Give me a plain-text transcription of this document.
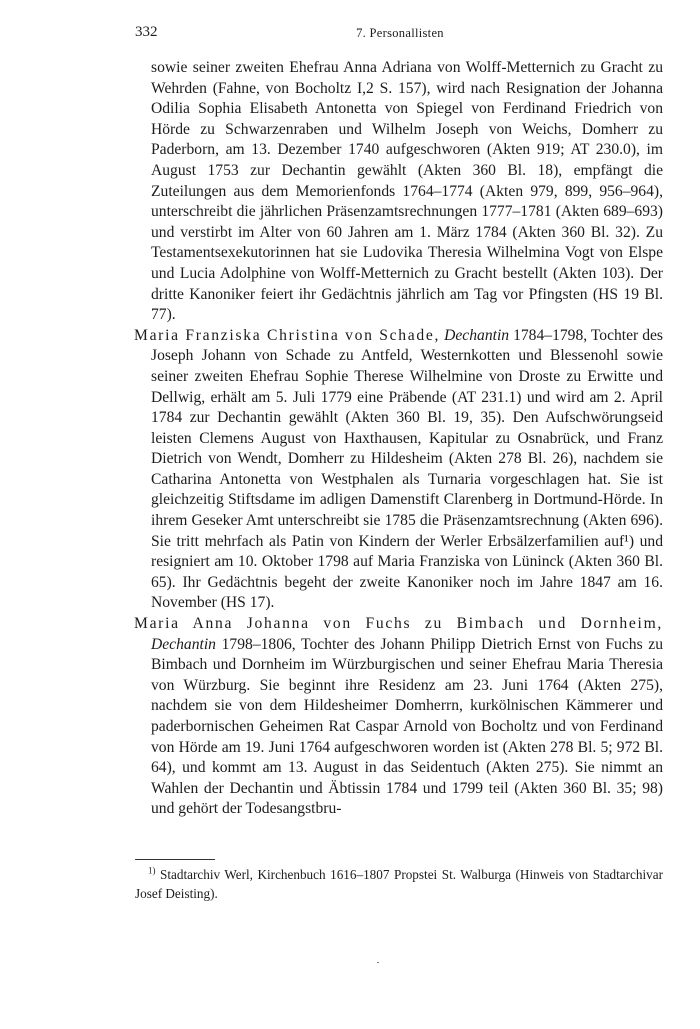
332	7. Personallisten

sowie seiner zweiten Ehefrau Anna Adriana von Wolff-Metternich zu Gracht zu Wehrden (Fahne, von Bocholtz I,2 S. 157), wird nach Resignation der Johanna Odilia Sophia Elisabeth Antonetta von Spiegel von Ferdinand Friedrich von Hörde zu Schwarzenraben und Wilhelm Joseph von Weichs, Domherr zu Paderborn, am 13. Dezember 1740 aufgeschworen (Akten 919; AT 230.0), im August 1753 zur Dechantin gewählt (Akten 360 Bl. 18), empfängt die Zuteilungen aus dem Memorienfonds 1764–1774 (Akten 979, 899, 956–964), unterschreibt die jährlichen Präsenzamtsrechnungen 1777–1781 (Akten 689–693) und verstirbt im Alter von 60 Jahren am 1. März 1784 (Akten 360 Bl. 32). Zu Testamentsexekutorinnen hat sie Ludovika Theresia Wilhelmina Vogt von Elspe und Lucia Adolphine von Wolff-Metternich zu Gracht bestellt (Akten 103). Der dritte Kanoniker feiert ihr Gedächtnis jährlich am Tag vor Pfingsten (HS 19 Bl. 77).

Maria Franziska Christina von Schade, Dechantin 1784–1798, Tochter des Joseph Johann von Schade zu Antfeld, Westernkotten und Blessenohl sowie seiner zweiten Ehefrau Sophie Therese Wilhelmine von Droste zu Erwitte und Dellwig, erhält am 5. Juli 1779 eine Präbende (AT 231.1) und wird am 2. April 1784 zur Dechantin gewählt (Akten 360 Bl. 19, 35). Den Aufschwörungseid leisten Clemens August von Haxthausen, Kapitular zu Osnabrück, und Franz Dietrich von Wendt, Domherr zu Hildesheim (Akten 278 Bl. 26), nachdem sie Catharina Antonetta von Westphalen als Turnaria vorgeschlagen hat. Sie ist gleichzeitig Stiftsdame im adligen Damenstift Clarenberg in Dortmund-Hörde. In ihrem Geseker Amt unterschreibt sie 1785 die Präsenzamtsrechnung (Akten 696). Sie tritt mehrfach als Patin von Kindern der Werler Erbsälzerfamilien auf¹) und resigniert am 10. Oktober 1798 auf Maria Franziska von Lüninck (Akten 360 Bl. 65). Ihr Gedächtnis begeht der zweite Kanoniker noch im Jahre 1847 am 16. November (HS 17).

Maria Anna Johanna von Fuchs zu Bimbach und Dornheim, Dechantin 1798–1806, Tochter des Johann Philipp Dietrich Ernst von Fuchs zu Bimbach und Dornheim im Würzburgischen und seiner Ehefrau Maria Theresia von Würzburg. Sie beginnt ihre Residenz am 23. Juni 1764 (Akten 275), nachdem sie von dem Hildesheimer Domherrn, kurkölnischen Kämmerer und paderbornischen Geheimen Rat Caspar Arnold von Bocholtz und von Ferdinand von Hörde am 19. Juni 1764 aufgeschworen worden ist (Akten 278 Bl. 5; 972 Bl. 64), und kommt am 13. August in das Seidentuch (Akten 275). Sie nimmt an Wahlen der Dechantin und Äbtissin 1784 und 1799 teil (Akten 360 Bl. 35; 98) und gehört der Todesangstbru-

$^{1)}$ Stadtarchiv Werl, Kirchenbuch 1616–1807 Propstei St. Walburga (Hinweis von Stadtarchivar Josef Deisting).
